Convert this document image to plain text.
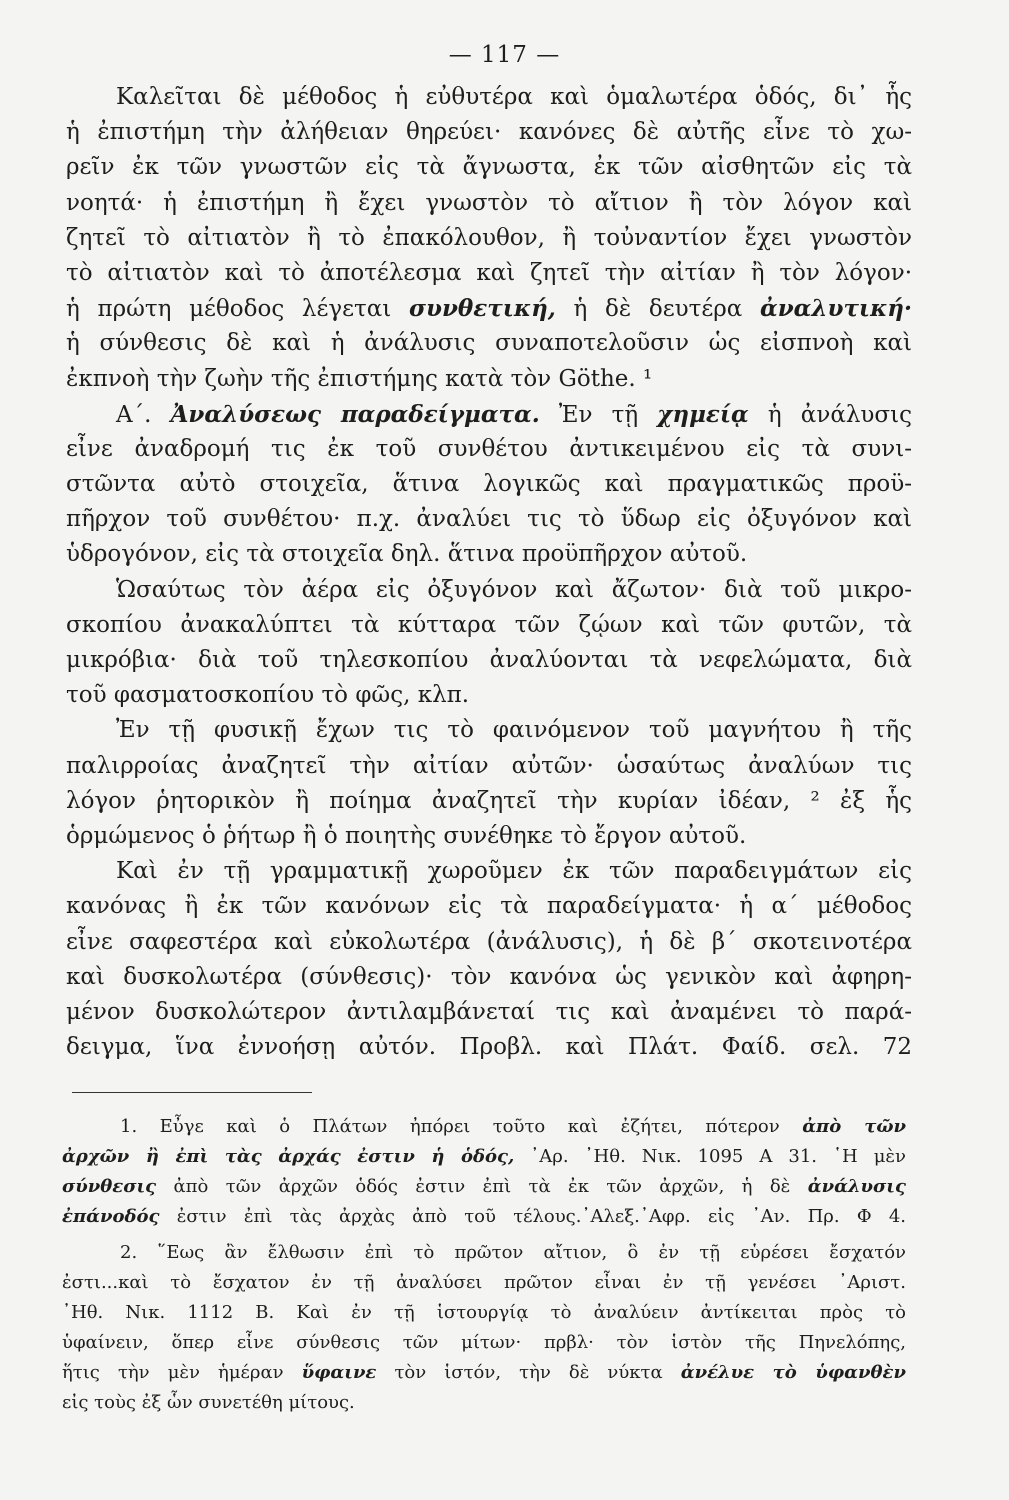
— 117 —
Καλεῖται δὲ μέθοδος ἡ εὐθυτέρα καὶ ὁμαλωτέρα ὁδός, δι᾿ ἧς
ἡ ἐπιστήμη τὴν ἀλήθειαν θηρεύει· κανόνες δὲ αὐτῆς εἶνε τὸ χω-
ρεῖν ἐκ τῶν γνωστῶν εἰς τὰ ἄγνωστα, ἐκ τῶν αἰσθητῶν εἰς τὰ
νοητά· ἡ ἐπιστήμη ἢ ἔχει γνωστὸν τὸ αἴτιον ἢ τὸν λόγον καὶ
ζητεῖ τὸ αἰτιατὸν ἢ τὸ ἐπακόλουθον, ἢ τοὐναντίον ἔχει γνωστὸν
τὸ αἰτιατὸν καὶ τὸ ἀποτέλεσμα καὶ ζητεῖ τὴν αἰτίαν ἢ τὸν λόγον·
ἡ πρώτη μέθοδος λέγεται συνθετική, ἡ δὲ δευτέρα ἀναλυτική·
ἡ σύνθεσις δὲ καὶ ἡ ἀνάλυσις συναποτελοῦσιν ὡς εἰσπνοὴ καὶ
ἐκπνοὴ τὴν ζωὴν τῆς ἐπιστήμης κατὰ τὸν Göthe. ¹
Α΄. Ἀναλύσεως παραδείγματα. Ἐν τῇ χημείᾳ ἡ ἀνάλυσις
εἶνε ἀναδρομή τις ἐκ τοῦ συνθέτου ἀντικειμένου εἰς τὰ συνι-
στῶντα αὐτὸ στοιχεῖα, ἅτινα λογικῶς καὶ πραγματικῶς προϋ-
πῆρχον τοῦ συνθέτου· π.χ. ἀναλύει τις τὸ ὕδωρ εἰς ὀξυγόνον καὶ
ὑδρογόνον, εἰς τὰ στοιχεῖα δηλ. ἅτινα προϋπῆρχον αὐτοῦ.
Ὡσαύτως τὸν ἀέρα εἰς ὀξυγόνον καὶ ἄζωτον· διὰ τοῦ μικρο-
σκοπίου ἀνακαλύπτει τὰ κύτταρα τῶν ζῴων καὶ τῶν φυτῶν, τὰ
μικρόβια· διὰ τοῦ τηλεσκοπίου ἀναλύονται τὰ νεφελώματα, διὰ
τοῦ φασματοσκοπίου τὸ φῶς, κλπ.
Ἐν τῇ φυσικῇ ἔχων τις τὸ φαινόμενον τοῦ μαγνήτου ἢ τῆς
παλιρροίας ἀναζητεῖ τὴν αἰτίαν αὐτῶν· ὡσαύτως ἀναλύων τις
λόγον ῥητορικὸν ἢ ποίημα ἀναζητεῖ τὴν κυρίαν ἰδέαν, ² ἐξ ἧς
ὁρμώμενος ὁ ῥήτωρ ἢ ὁ ποιητὴς συνέθηκε τὸ ἔργον αὐτοῦ.
Καὶ ἐν τῇ γραμματικῇ χωροῦμεν ἐκ τῶν παραδειγμάτων εἰς
κανόνας ἢ ἐκ τῶν κανόνων εἰς τὰ παραδείγματα· ἡ α΄ μέθοδος
εἶνε σαφεστέρα καὶ εὐκολωτέρα (ἀνάλυσις), ἡ δὲ β΄ σκοτεινοτέρα
καὶ δυσκολωτέρα (σύνθεσις)· τὸν κανόνα ὡς γενικὸν καὶ ἀφηρη-
μένον δυσκολώτερον ἀντιλαμβάνεταί τις καὶ ἀναμένει τὸ παρά-
δειγμα, ἵνα ἐννοήσῃ αὐτόν. Προβλ. καὶ Πλάτ. Φαίδ. σελ. 72
1. Εὖγε καὶ ὁ Πλάτων ἠπόρει τοῦτο καὶ ἐζήτει, πότερον ἀπὸ τῶν
ἀρχῶν ἢ ἐπὶ τὰς ἀρχάς ἐστιν ἡ ὁδός, ᾿Αρ. ᾿Ηθ. Νικ. 1095 Α 31. ῾Η μὲν
σύνθεσις ἀπὸ τῶν ἀρχῶν ὁδός ἐστιν ἐπὶ τὰ ἐκ τῶν ἀρχῶν, ἡ δὲ ἀνάλυσις
ἐπάνοδός ἐστιν ἐπὶ τὰς ἀρχὰς ἀπὸ τοῦ τέλους.᾿Αλεξ.᾿Αφρ. εἰς ᾿Αν. Πρ. Φ 4.
2. ῞Εως ἂν ἔλθωσιν ἐπὶ τὸ πρῶτον αἴτιον, ὃ ἐν τῇ εὑρέσει ἔσχατόν
ἐστι...καὶ τὸ ἔσχατον ἐν τῇ ἀναλύσει πρῶτον εἶναι ἐν τῇ γενέσει ᾿Αριστ.
᾿Ηθ. Νικ. 1112 Β. Καὶ ἐν τῇ ἱστουργίᾳ τὸ ἀναλύειν ἀντίκειται πρὸς τὸ
ὑφαίνειν, ὅπερ εἶνε σύνθεσις τῶν μίτων· πρβλ· τὸν ἱστὸν τῆς Πηνελόπης,
ἥτις τὴν μὲν ἡμέραν ὕφαινε τὸν ἱστόν, τὴν δὲ νύκτα ἀνέλυε τὸ ὑφανθὲν
εἰς τοὺς ἐξ ὧν συνετέθη μίτους.
